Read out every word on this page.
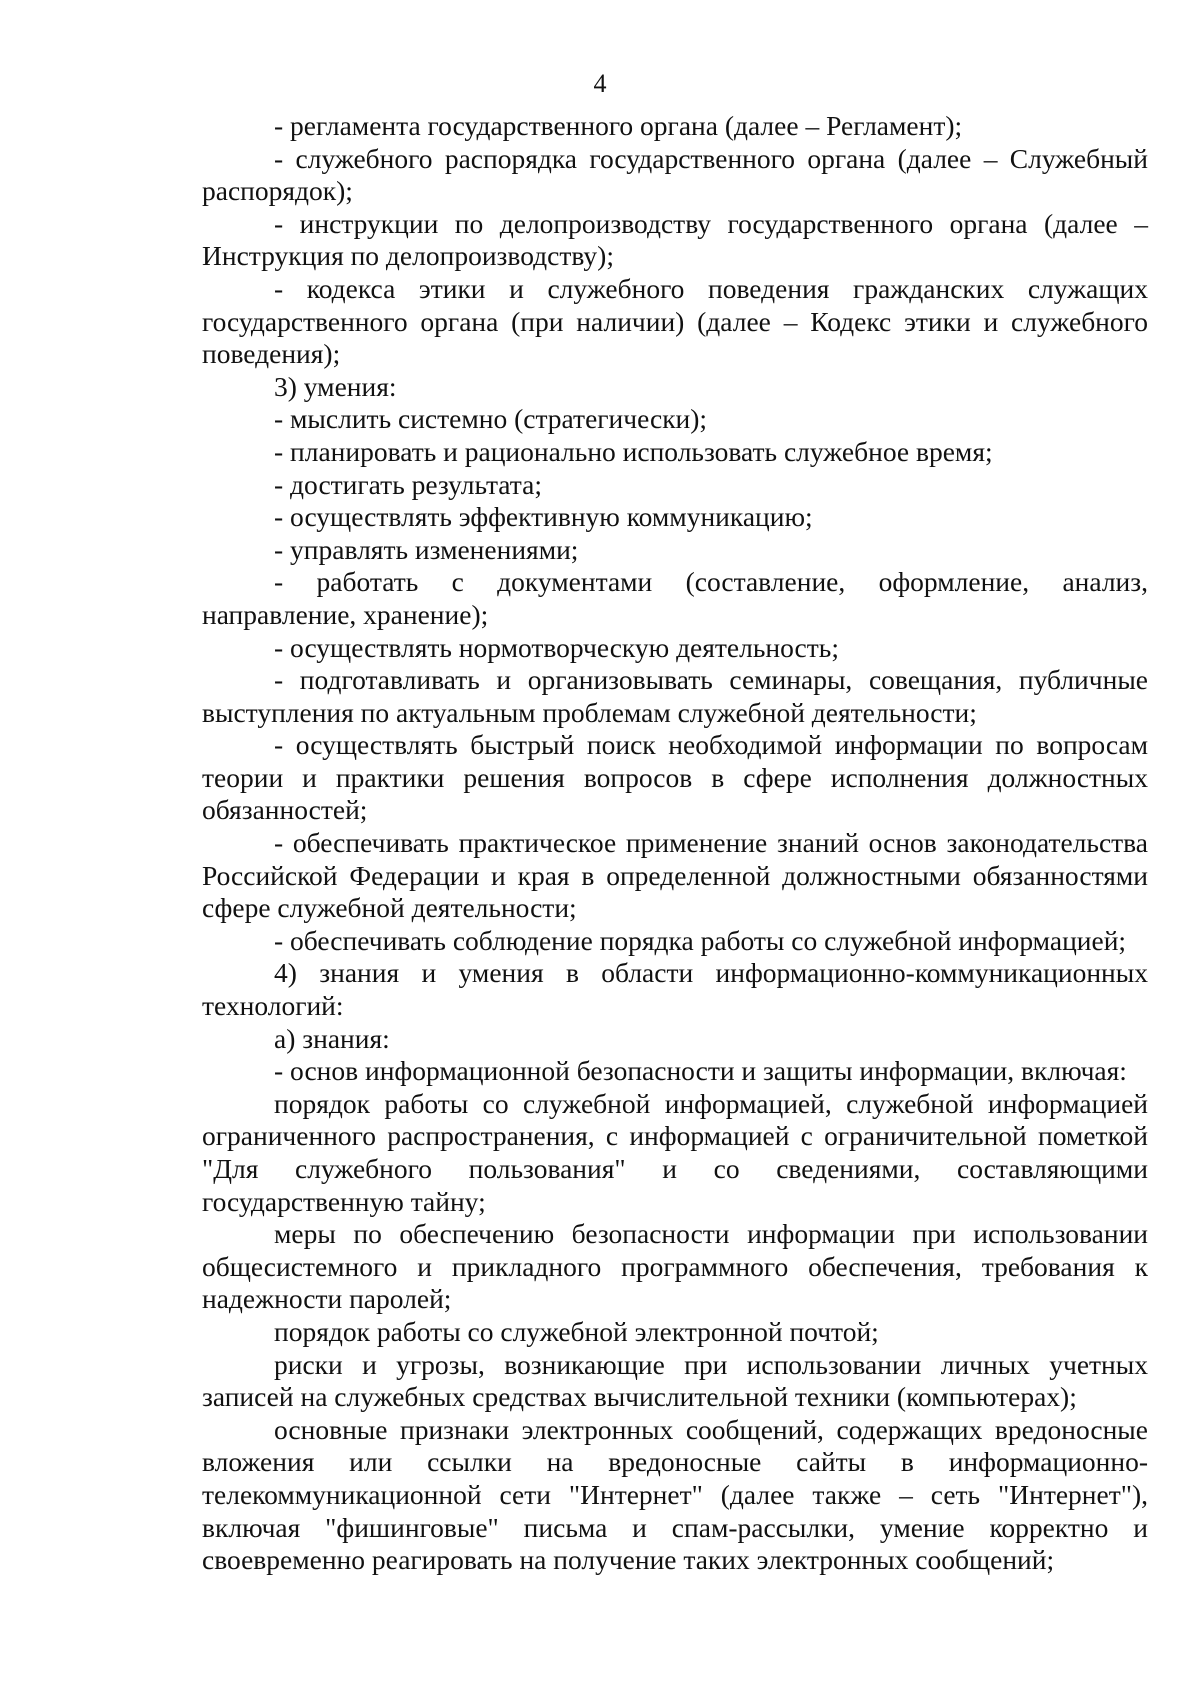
4

- регламента государственного органа (далее – Регламент);

- служебного распорядка государственного органа (далее – Служебный распорядок);

- инструкции по делопроизводству государственного органа (далее – Инструкция по делопроизводству);

- кодекса этики и служебного поведения гражданских служащих государственного органа (при наличии) (далее – Кодекс этики и служебного поведения);

3) умения:

- мыслить системно (стратегически);

- планировать и рационально использовать служебное время;

- достигать результата;

- осуществлять эффективную коммуникацию;

- управлять изменениями;

- работать с документами (составление, оформление, анализ, направление, хранение);

- осуществлять нормотворческую деятельность;

- подготавливать и организовывать семинары, совещания, публичные выступления по актуальным проблемам служебной деятельности;

- осуществлять быстрый поиск необходимой информации по вопросам теории и практики решения вопросов в сфере исполнения должностных обязанностей;

- обеспечивать практическое применение знаний основ законодательства Российской Федерации и края в определенной должностными обязанностями сфере служебной деятельности;

- обеспечивать соблюдение порядка работы со служебной информацией;

4) знания и умения в области информационно-коммуникационных технологий:

а) знания:

- основ информационной безопасности и защиты информации, включая:

порядок работы со служебной информацией, служебной информацией ограниченного распространения, с информацией с ограничительной пометкой "Для служебного пользования" и со сведениями, составляющими государственную тайну;

меры по обеспечению безопасности информации при использовании общесистемного и прикладного программного обеспечения, требования к надежности паролей;

порядок работы со служебной электронной почтой;

риски и угрозы, возникающие при использовании личных учетных записей на служебных средствах вычислительной техники (компьютерах);

основные признаки электронных сообщений, содержащих вредоносные вложения или ссылки на вредоносные сайты в информационно-телекоммуникационной сети "Интернет" (далее также – сеть "Интернет"), включая "фишинговые" письма и спам-рассылки, умение корректно и своевременно реагировать на получение таких электронных сообщений;
